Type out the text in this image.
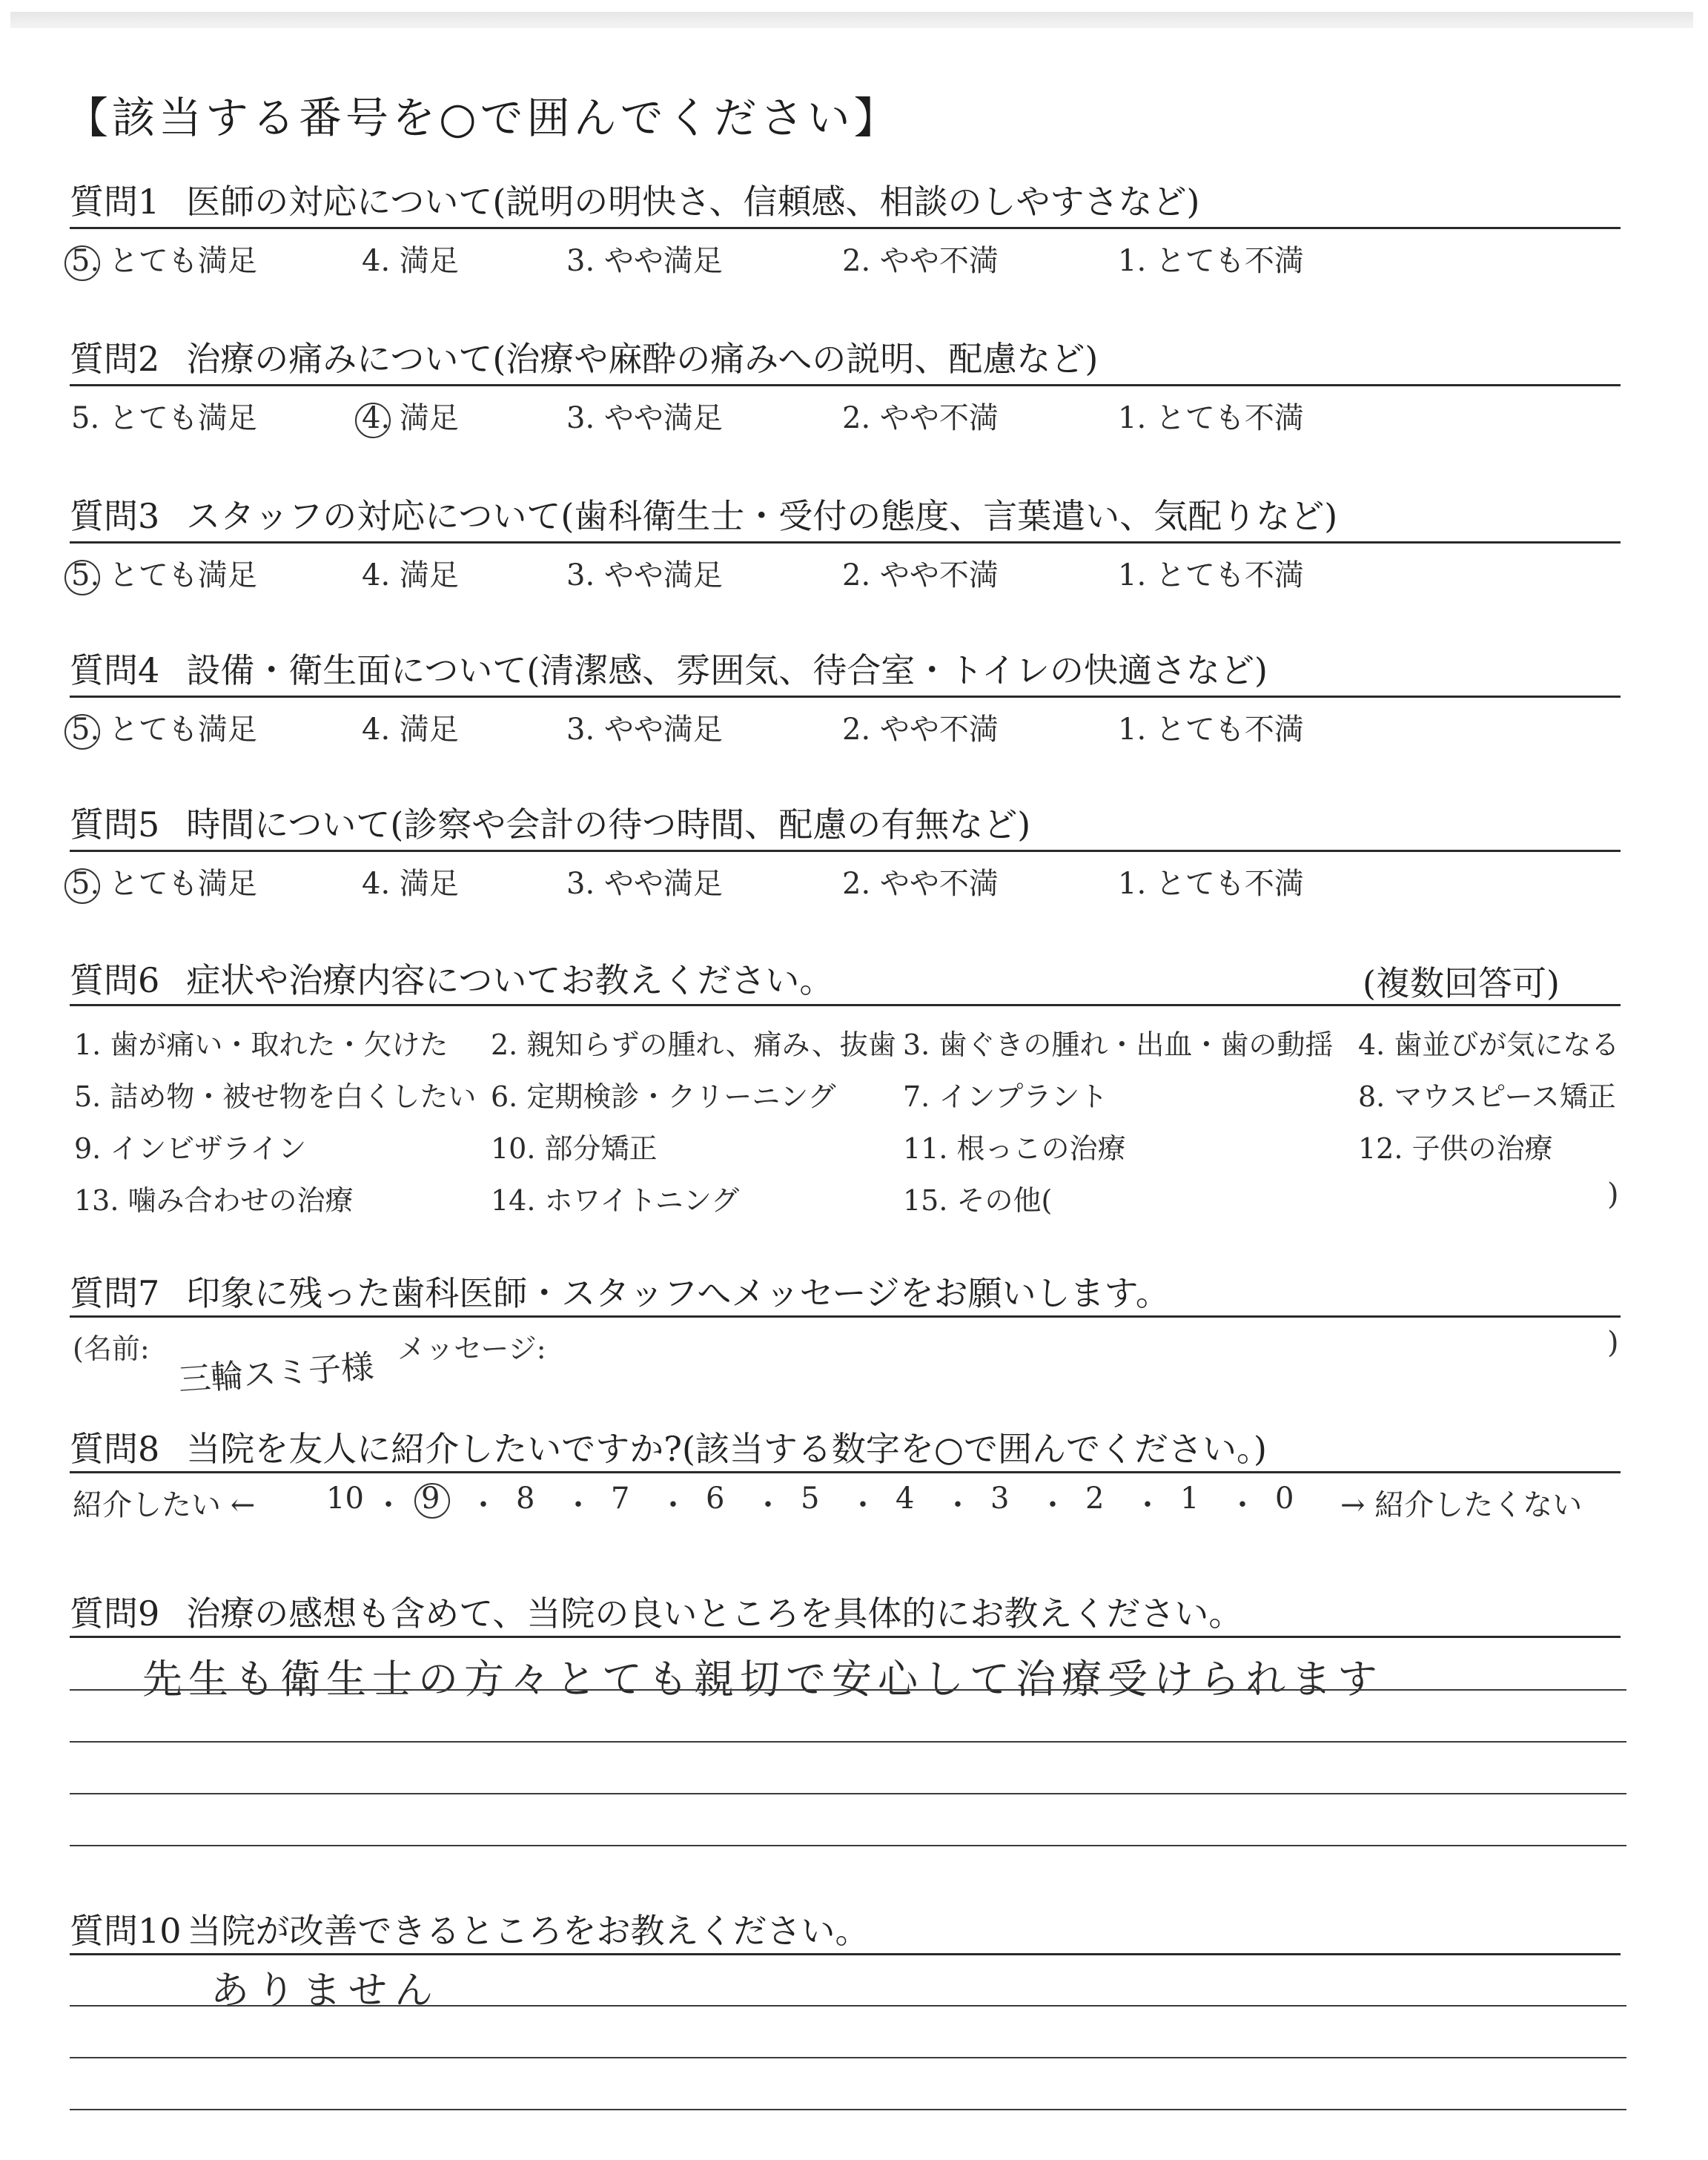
【該当する番号を○で囲んでください】
質問1 医師の対応について(説明の明快さ、信頼感、相談のしやすさなど)
5. とても満足	4. 満足	3. やや満足	2. やや不満	1. とても不満
質問2 治療の痛みについて(治療や麻酔の痛みへの説明、配慮など)
5. とても満足	4. 満足	3. やや満足	2. やや不満	1. とても不満
質問3 スタッフの対応について(歯科衛生士・受付の態度、言葉遣い、気配りなど)
5. とても満足	4. 満足	3. やや満足	2. やや不満	1. とても不満
質問4 設備・衛生面について(清潔感、雰囲気、待合室・トイレの快適さなど)
5. とても満足	4. 満足	3. やや満足	2. やや不満	1. とても不満
質問5 時間について(診察や会計の待つ時間、配慮の有無など)
5. とても満足	4. 満足	3. やや満足	2. やや不満	1. とても不満
質問6 症状や治療内容についてお教えください。	(複数回答可)
1. 歯が痛い・取れた・欠けた 2. 親知らずの腫れ、痛み、抜歯 3. 歯ぐきの腫れ・出血・歯の動揺 4. 歯並びが気になる
5. 詰め物・被せ物を白くしたい 6. 定期検診・クリーニング 7. インプラント	8. マウスピース矯正
9. インビザライン	10. 部分矯正	11. 根っこの治療	12. 子供の治療
13. 噛み合わせの治療	14. ホワイトニング	15. その他(	)
質問7 印象に残った歯科医師・スタッフへメッセージをお願いします。
(名前:	メッセージ:	)
三輪スミ子様
質問8 当院を友人に紹介したいですか?(該当する数字を○で囲んでください。)
紹介したい ←	→ 紹介したくない
10 ・ 9 ・ 8 ・ 7 ・ 6 ・ 5 ・ 4 ・ 3 ・ 2 ・ 1 ・ 0
質問9 治療の感想も含めて、当院の良いところを具体的にお教えください。
先生も衛生士の方々とても親切で安心して治療受けられます
質問10 当院が改善できるところをお教えください。
ありません
